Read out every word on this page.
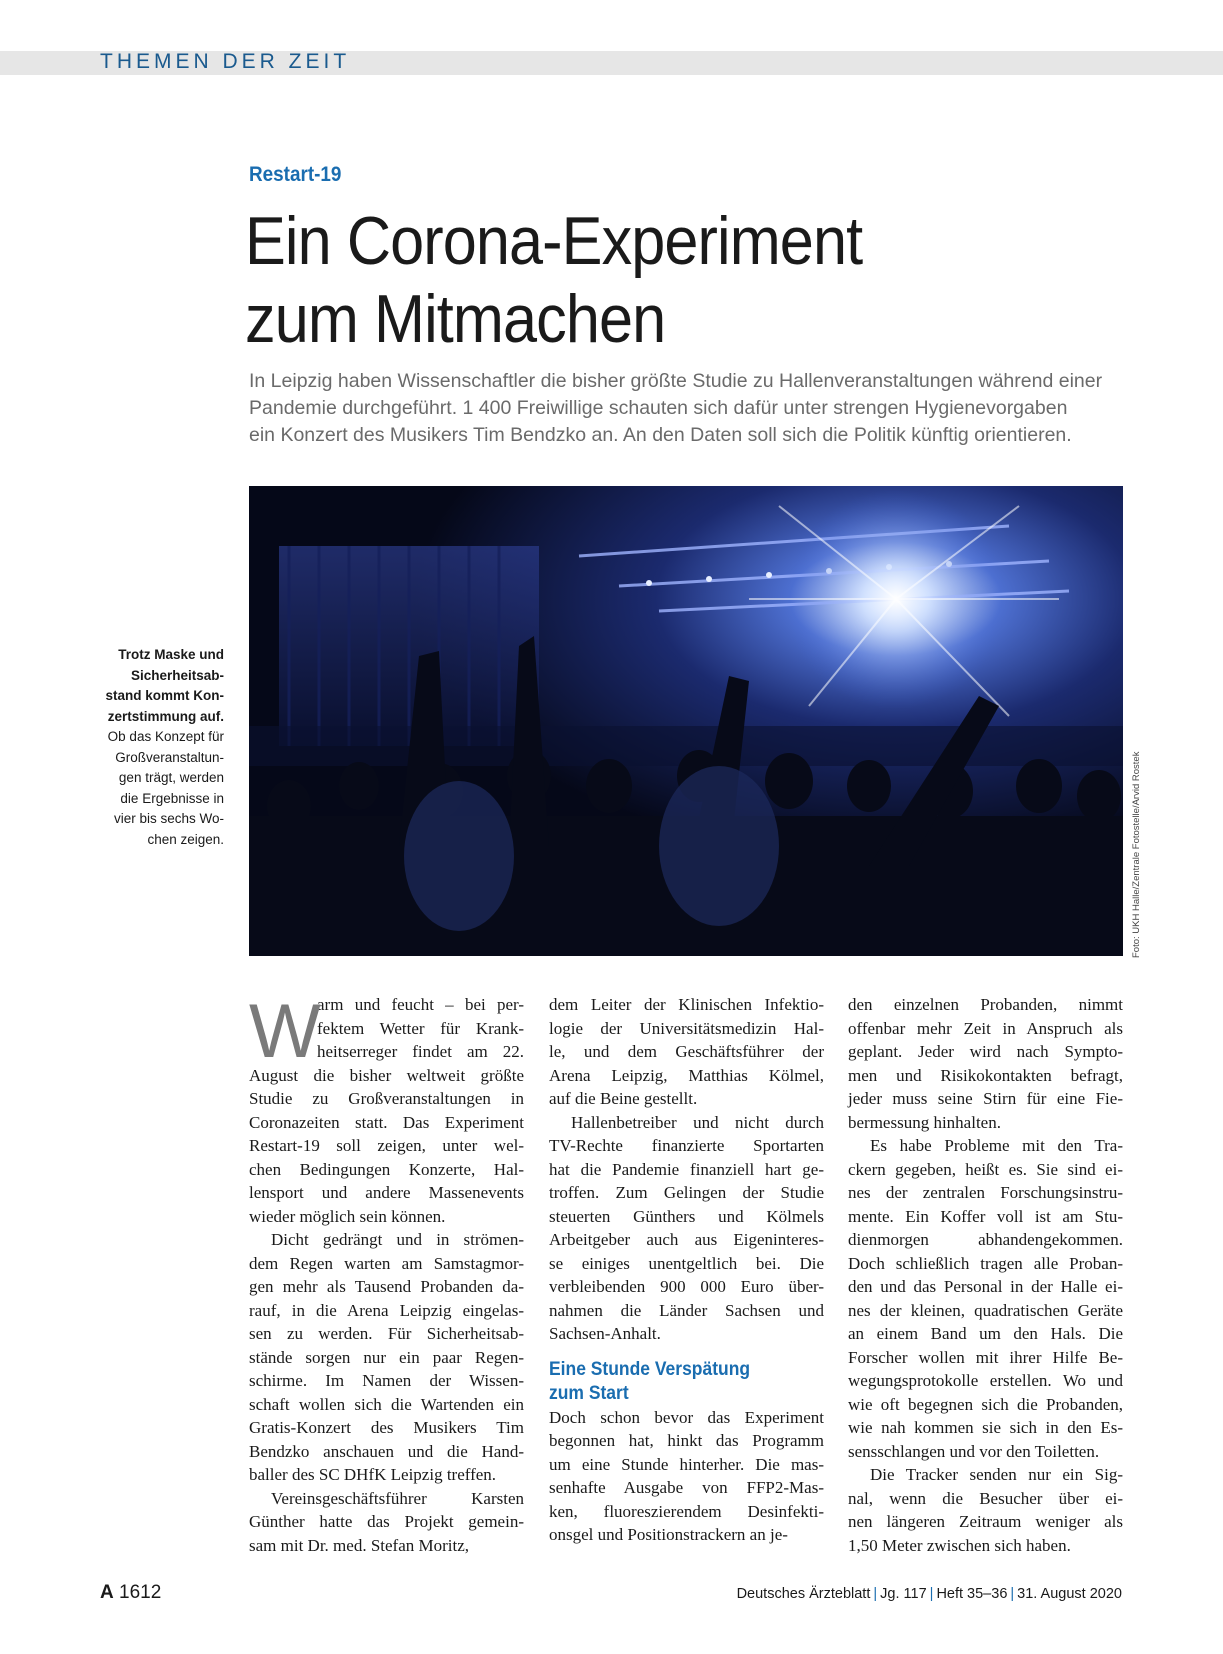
THEMEN DER ZEIT
Restart-19
Ein Corona-Experiment
zum Mitmachen
In Leipzig haben Wissenschaftler die bisher größte Studie zu Hallenveranstaltungen während einer
Pandemie durchgeführt. 1 400 Freiwillige schauten sich dafür unter strengen Hygienevorgaben
ein Konzert des Musikers Tim Bendzko an. An den Daten soll sich die Politik künftig orientieren.
Foto: UKH Halle/Zentrale Fotostelle/Arvid Rostek
Trotz Maske und
Sicherheitsab-
stand kommt Kon-
zertstimmung auf.
Ob das Konzept für
Großveranstaltun-
gen trägt, werden
die Ergebnisse in
vier bis sechs Wo-
chen zeigen.
W
arm und feucht – bei per-
fektem Wetter für Krank-
heitserreger findet am 22.
August die bisher weltweit größte
Studie zu Großveranstaltungen in
Coronazeiten statt. Das Experiment
Restart-19 soll zeigen, unter wel-
chen Bedingungen Konzerte, Hal-
lensport und andere Massenevents
wieder möglich sein können.
Dicht gedrängt und in strömen-
dem Regen warten am Samstagmor-
gen mehr als Tausend Probanden da-
rauf, in die Arena Leipzig eingelas-
sen zu werden. Für Sicherheitsab-
stände sorgen nur ein paar Regen-
schirme. Im Namen der Wissen-
schaft wollen sich die Wartenden ein
Gratis-Konzert des Musikers Tim
Bendzko anschauen und die Hand-
baller des SC DHfK Leipzig treffen.
Vereinsgeschäftsführer Karsten
Günther hatte das Projekt gemein-
sam mit Dr. med. Stefan Moritz,
dem Leiter der Klinischen Infektio-
logie der Universitätsmedizin Hal-
le, und dem Geschäftsführer der
Arena Leipzig, Matthias Kölmel,
auf die Beine gestellt.
Hallenbetreiber und nicht durch
TV-Rechte finanzierte Sportarten
hat die Pandemie finanziell hart ge-
troffen. Zum Gelingen der Studie
steuerten Günthers und Kölmels
Arbeitgeber auch aus Eigeninteres-
se einiges unentgeltlich bei. Die
verbleibenden 900 000 Euro über-
nahmen die Länder Sachsen und
Sachsen-Anhalt.
Eine Stunde Verspätung
zum Start
Doch schon bevor das Experiment
begonnen hat, hinkt das Programm
um eine Stunde hinterher. Die mas-
senhafte Ausgabe von FFP2-Mas-
ken, fluoreszierendem Desinfekti-
onsgel und Positionstrackern an je-
den einzelnen Probanden, nimmt
offenbar mehr Zeit in Anspruch als
geplant. Jeder wird nach Sympto-
men und Risikokontakten befragt,
jeder muss seine Stirn für eine Fie-
bermessung hinhalten.
Es habe Probleme mit den Tra-
ckern gegeben, heißt es. Sie sind ei-
nes der zentralen Forschungsinstru-
mente. Ein Koffer voll ist am Stu-
dienmorgen abhandengekommen.
Doch schließlich tragen alle Proban-
den und das Personal in der Halle ei-
nes der kleinen, quadratischen Geräte
an einem Band um den Hals. Die
Forscher wollen mit ihrer Hilfe Be-
wegungsprotokolle erstellen. Wo und
wie oft begegnen sich die Probanden,
wie nah kommen sie sich in den Es-
sensschlangen und vor den Toiletten.
Die Tracker senden nur ein Sig-
nal, wenn die Besucher über ei-
nen längeren Zeitraum weniger als
1,50 Meter zwischen sich haben.
A 1612	Deutsches Ärzteblatt | Jg. 117 | Heft 35–36 | 31. August 2020
